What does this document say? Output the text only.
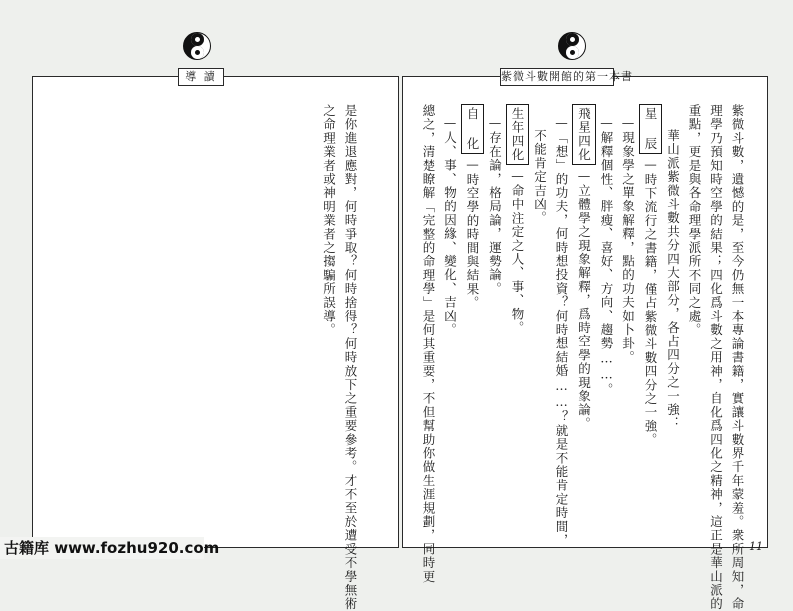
導 讀	紫微斗數開館的第一本書

紫微斗數，遺憾的是，至今仍無一本專論書籍，實讓斗數界千年蒙羞。衆所周知，命

理學乃預知時空學的結果；四化爲斗數之用神，自化爲四化之精神，這正是華山派的

重點，更是與各命理學派所不同之處。

華山派紫微斗數共分四大部分，各占四分之一強：

星 辰—時下流行之書籍，僅占紫微斗數四分之一強。

—現象學之單象解釋，點的功夫如卜卦。

—解釋個性、胖瘦、喜好、方向、趨勢……。

飛星四化—立體學之現象解釋，爲時空學的現象論。

—「想」的功夫，何時想投資？何時想結婚……？就是不能肯定時間，

不能肯定吉凶。

生年四化—命中注定之人、事、物。

—存在論，格局論，運勢論。

自 化—時空學的時間與結果。

—人、事、物的因緣、變化、吉凶。

總之，清楚瞭解「完整的命理學」是何其重要，不但幫助你做生涯規劃，同時更

是你進退應對，何時爭取？何時捨得？何時放下之重要參考。才不至於遭受不學無術

之命理業者或神明業者之搊騙所誤導。

古籍库 www.fozhu920.com	11
